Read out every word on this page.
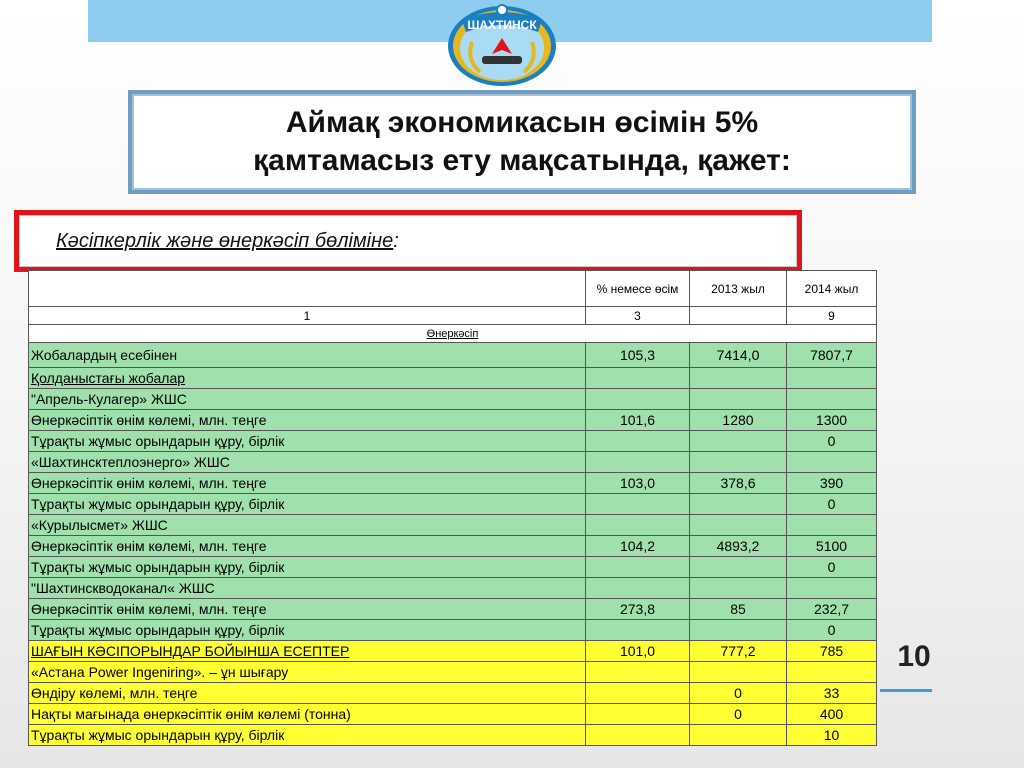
ШАХТИНСК
Аймақ экономикасын өсімін 5%
қамтамасыз ету мақсатында, қажет:
Кәсіпкерлік және өнеркәсіп бөліміне :
	% немесе өсім	2013 жыл	2014 жыл
1	3		9
Өнеркәсіп			
Жобалардың есебінен	105,3	7414,0	7807,7
Қолданыстағы жобалар			
"Апрель-Кулагер» ЖШС			
Өнеркәсіптік өнім көлемі, млн. теңге	101,6	1280	1300
Тұрақты жұмыс орындарын құру, бірлік			0
«Шахтинсктеплоэнерго» ЖШС			
Өнеркәсіптік өнім көлемі, млн. теңге	103,0	378,6	390
Тұрақты жұмыс орындарын құру, бірлік			0
«Курылысмет» ЖШС			
Өнеркәсіптік өнім көлемі, млн. теңге	104,2	4893,2	5100
Тұрақты жұмыс орындарын құру, бірлік			0
"Шахтинскводоканал« ЖШС			
Өнеркәсіптік өнім көлемі, млн. теңге	273,8	85	232,7
Тұрақты жұмыс орындарын құру, бірлік			0
ШАҒЫН КӘСІПОРЫНДАР БОЙЫНША ЕСЕПТЕР	101,0	777,2	785
«Астана Power Ingeniring». – ұн шығару			
Өндіру көлемі, млн. теңге		0	33
Нақты мағынада өнеркәсіптік өнім көлемі (тонна)		0	400
Тұрақты жұмыс орындарын құру, бірлік			10
10
